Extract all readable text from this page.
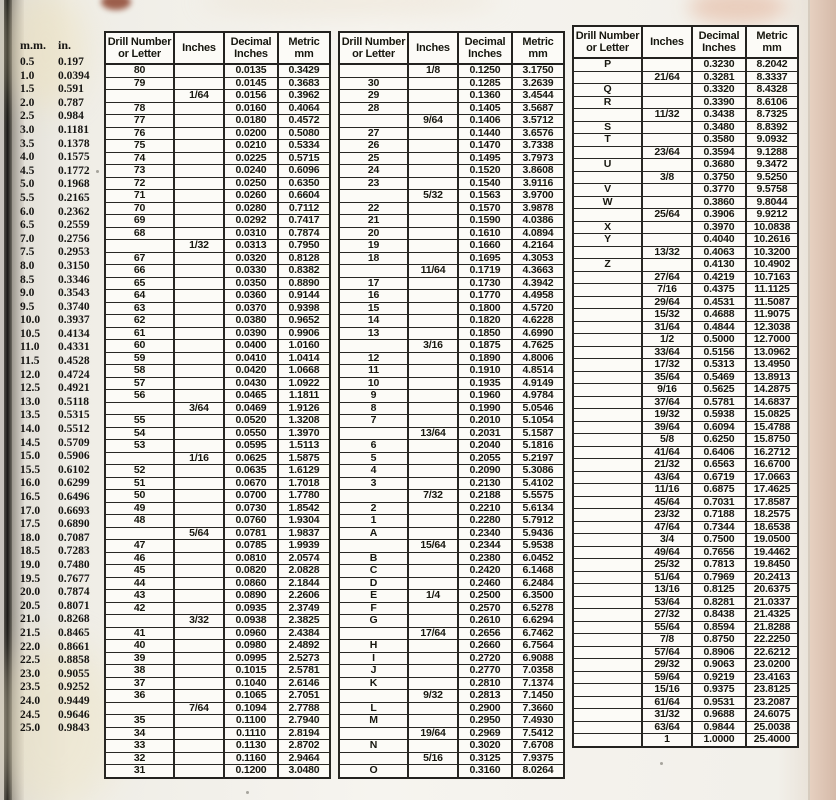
m.m.	in.
0.5	0.197
1.0	0.0394
1.5	0.591
2.0	0.787
2.5	0.984
3.0	0.1181
3.5	0.1378
4.0	0.1575
4.5	0.1772
5.0	0.1968
5.5	0.2165
6.0	0.2362
6.5	0.2559
7.0	0.2756
7.5	0.2953
8.0	0.3150
8.5	0.3346
9.0	0.3543
9.5	0.3740
10.0	0.3937
10.5	0.4134
11.0	0.4331
11.5	0.4528
12.0	0.4724
12.5	0.4921
13.0	0.5118
13.5	0.5315
14.0	0.5512
14.5	0.5709
15.0	0.5906
15.5	0.6102
16.0	0.6299
16.5	0.6496
17.0	0.6693
17.5	0.6890
18.0	0.7087
18.5	0.7283
19.0	0.7480
19.5	0.7677
20.0	0.7874
20.5	0.8071
21.0	0.8268
21.5	0.8465
22.0	0.8661
22.5	0.8858
23.0	0.9055
23.5	0.9252
24.0	0.9449
24.5	0.9646
25.0	0.9843
Drill Number
or Letter	Inches	Decimal
Inches	Metric
mm
80		0.0135	0.3429
79		0.0145	0.3683
	1/64	0.0156	0.3962
78		0.0160	0.4064
77		0.0180	0.4572
76		0.0200	0.5080
75		0.0210	0.5334
74		0.0225	0.5715
73		0.0240	0.6096
72		0.0250	0.6350
71		0.0260	0.6604
70		0.0280	0.7112
69		0.0292	0.7417
68		0.0310	0.7874
	1/32	0.0313	0.7950
67		0.0320	0.8128
66		0.0330	0.8382
65		0.0350	0.8890
64		0.0360	0.9144
63		0.0370	0.9398
62		0.0380	0.9652
61		0.0390	0.9906
60		0.0400	1.0160
59		0.0410	1.0414
58		0.0420	1.0668
57		0.0430	1.0922
56		0.0465	1.1811
	3/64	0.0469	1.9126
55		0.0520	1.3208
54		0.0550	1.3970
53		0.0595	1.5113
	1/16	0.0625	1.5875
52		0.0635	1.6129
51		0.0670	1.7018
50		0.0700	1.7780
49		0.0730	1.8542
48		0.0760	1.9304
	5/64	0.0781	1.9837
47		0.0785	1.9939
46		0.0810	2.0574
45		0.0820	2.0828
44		0.0860	2.1844
43		0.0890	2.2606
42		0.0935	2.3749
	3/32	0.0938	2.3825
41		0.0960	2.4384
40		0.0980	2.4892
39		0.0995	2.5273
38		0.1015	2.5781
37		0.1040	2.6146
36		0.1065	2.7051
	7/64	0.1094	2.7788
35		0.1100	2.7940
34		0.1110	2.8194
33		0.1130	2.8702
32		0.1160	2.9464
31		0.1200	3.0480
Drill Number
or Letter	Inches	Decimal
Inches	Metric
mm
	1/8	0.1250	3.1750
30		0.1285	3.2639
29		0.1360	3.4544
28		0.1405	3.5687
	9/64	0.1406	3.5712
27		0.1440	3.6576
26		0.1470	3.7338
25		0.1495	3.7973
24		0.1520	3.8608
23		0.1540	3.9116
	5/32	0.1563	3.9700
22		0.1570	3.9878
21		0.1590	4.0386
20		0.1610	4.0894
19		0.1660	4.2164
18		0.1695	4.3053
	11/64	0.1719	4.3663
17		0.1730	4.3942
16		0.1770	4.4958
15		0.1800	4.5720
14		0.1820	4.6228
13		0.1850	4.6990
	3/16	0.1875	4.7625
12		0.1890	4.8006
11		0.1910	4.8514
10		0.1935	4.9149
9		0.1960	4.9784
8		0.1990	5.0546
7		0.2010	5.1054
	13/64	0.2031	5.1587
6		0.2040	5.1816
5		0.2055	5.2197
4		0.2090	5.3086
3		0.2130	5.4102
	7/32	0.2188	5.5575
2		0.2210	5.6134
1		0.2280	5.7912
A		0.2340	5.9436
	15/64	0.2344	5.9538
B		0.2380	6.0452
C		0.2420	6.1468
D		0.2460	6.2484
E	1/4	0.2500	6.3500
F		0.2570	6.5278
G		0.2610	6.6294
	17/64	0.2656	6.7462
H		0.2660	6.7564
I		0.2720	6.9088
J		0.2770	7.0358
K		0.2810	7.1374
	9/32	0.2813	7.1450
L		0.2900	7.3660
M		0.2950	7.4930
	19/64	0.2969	7.5412
N		0.3020	7.6708
	5/16	0.3125	7.9375
O		0.3160	8.0264
Drill Number
or Letter	Inches	Decimal
Inches	Metric
mm
P		0.3230	8.2042
	21/64	0.3281	8.3337
Q		0.3320	8.4328
R		0.3390	8.6106
	11/32	0.3438	8.7325
S		0.3480	8.8392
T		0.3580	9.0932
	23/64	0.3594	9.1288
U		0.3680	9.3472
	3/8	0.3750	9.5250
V		0.3770	9.5758
W		0.3860	9.8044
	25/64	0.3906	9.9212
X		0.3970	10.0838
Y		0.4040	10.2616
	13/32	0.4063	10.3200
Z		0.4130	10.4902
	27/64	0.4219	10.7163
	7/16	0.4375	11.1125
	29/64	0.4531	11.5087
	15/32	0.4688	11.9075
	31/64	0.4844	12.3038
	1/2	0.5000	12.7000
	33/64	0.5156	13.0962
	17/32	0.5313	13.4950
	35/64	0.5469	13.8913
	9/16	0.5625	14.2875
	37/64	0.5781	14.6837
	19/32	0.5938	15.0825
	39/64	0.6094	15.4788
	5/8	0.6250	15.8750
	41/64	0.6406	16.2712
	21/32	0.6563	16.6700
	43/64	0.6719	17.0663
	11/16	0.6875	17.4625
	45/64	0.7031	17.8587
	23/32	0.7188	18.2575
	47/64	0.7344	18.6538
	3/4	0.7500	19.0500
	49/64	0.7656	19.4462
	25/32	0.7813	19.8450
	51/64	0.7969	20.2413
	13/16	0.8125	20.6375
	53/64	0.8281	21.0337
	27/32	0.8438	21.4325
	55/64	0.8594	21.8288
	7/8	0.8750	22.2250
	57/64	0.8906	22.6212
	29/32	0.9063	23.0200
	59/64	0.9219	23.4163
	15/16	0.9375	23.8125
	61/64	0.9531	23.2087
	31/32	0.9688	24.6075
	63/64	0.9844	25.0038
	1	1.0000	25.4000
